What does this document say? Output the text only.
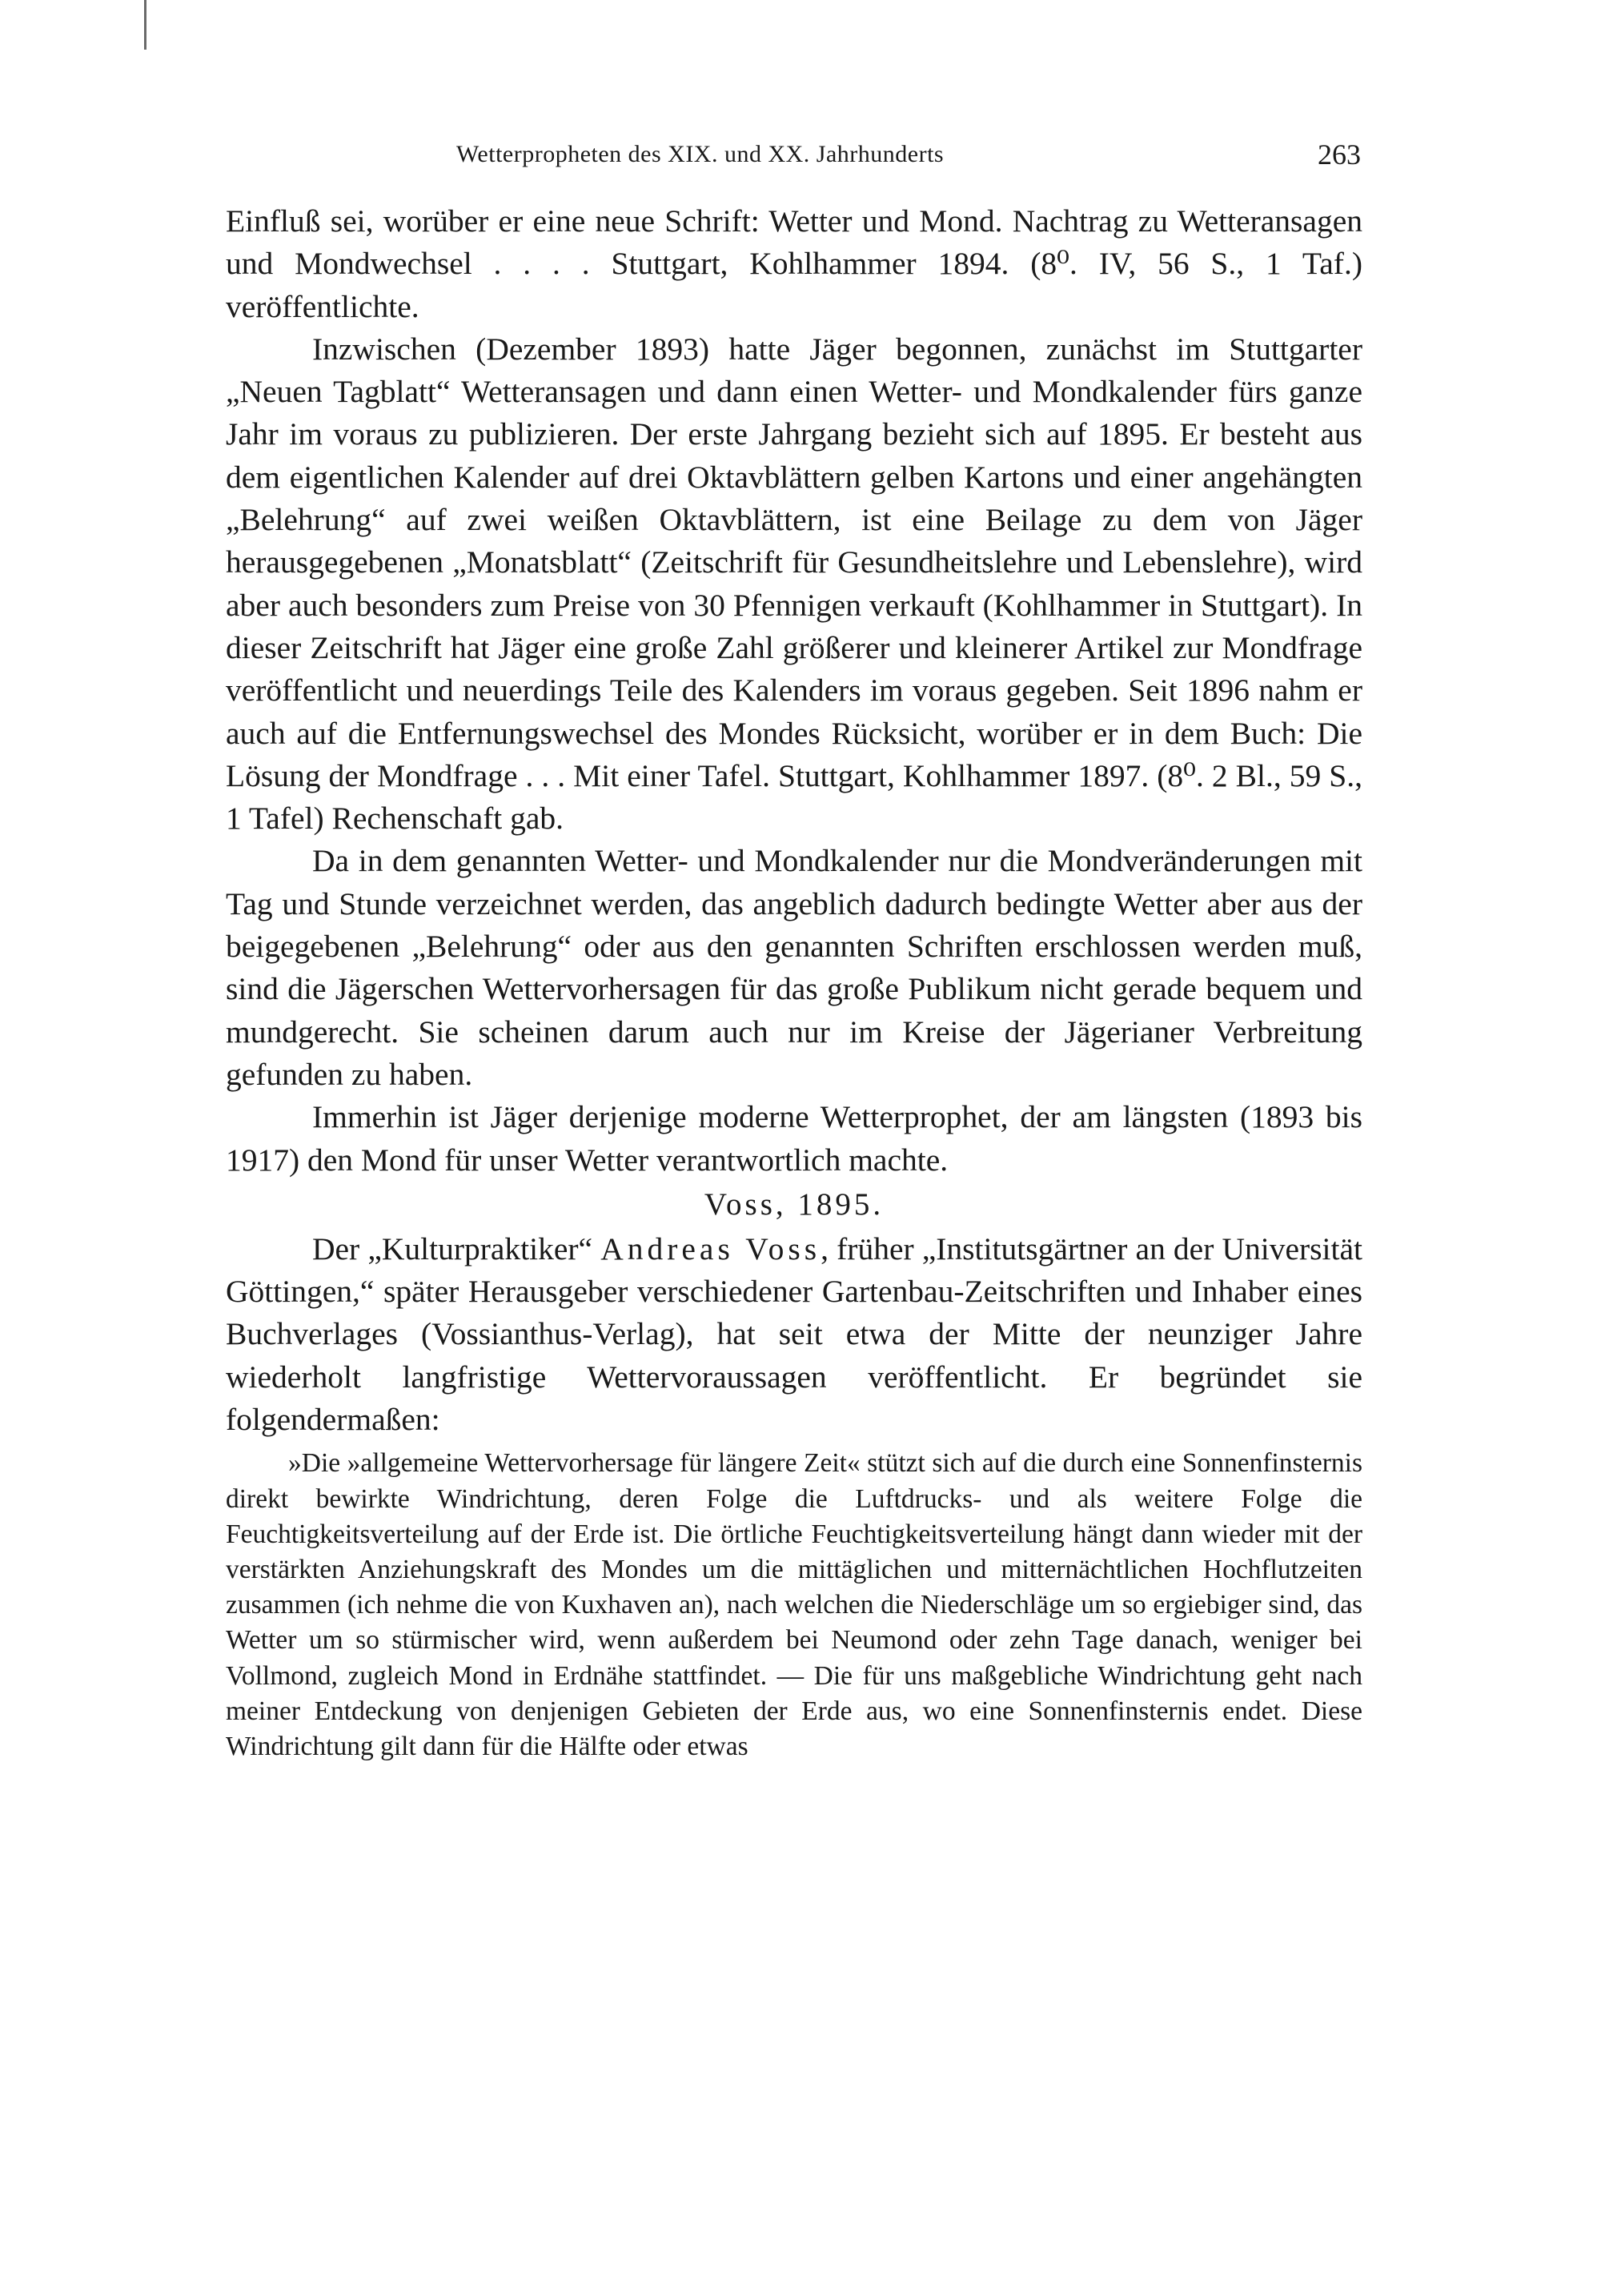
Wetterpropheten des XIX. und XX. Jahrhunderts	263

Einfluß sei, worüber er eine neue Schrift: Wetter und Mond. Nachtrag zu Wetteransagen und Mondwechsel . . . . Stuttgart, Kohlhammer 1894. (8⁰. IV, 56 S., 1 Taf.) veröffentlichte.

Inzwischen (Dezember 1893) hatte Jäger begonnen, zunächst im Stuttgarter „Neuen Tagblatt“ Wetteransagen und dann einen Wetter- und Mondkalender fürs ganze Jahr im voraus zu publizieren. Der erste Jahrgang bezieht sich auf 1895. Er besteht aus dem eigentlichen Kalender auf drei Oktavblättern gelben Kartons und einer angehängten „Belehrung“ auf zwei weißen Oktavblättern, ist eine Beilage zu dem von Jäger herausgegebenen „Monatsblatt“ (Zeitschrift für Gesundheitslehre und Lebenslehre), wird aber auch besonders zum Preise von 30 Pfennigen verkauft (Kohlhammer in Stuttgart). In dieser Zeitschrift hat Jäger eine große Zahl größerer und kleinerer Artikel zur Mondfrage veröffentlicht und neuerdings Teile des Kalenders im voraus gegeben. Seit 1896 nahm er auch auf die Entfernungswechsel des Mondes Rücksicht, worüber er in dem Buch: Die Lösung der Mondfrage . . . Mit einer Tafel. Stuttgart, Kohlhammer 1897. (8⁰. 2 Bl., 59 S., 1 Tafel) Rechenschaft gab.

Da in dem genannten Wetter- und Mondkalender nur die Mondveränderungen mit Tag und Stunde verzeichnet werden, das angeblich dadurch bedingte Wetter aber aus der beigegebenen „Belehrung“ oder aus den genannten Schriften erschlossen werden muß, sind die Jägerschen Wettervorhersagen für das große Publikum nicht gerade bequem und mundgerecht. Sie scheinen darum auch nur im Kreise der Jägerianer Verbreitung gefunden zu haben.

Immerhin ist Jäger derjenige moderne Wetterprophet, der am längsten (1893 bis 1917) den Mond für unser Wetter verantwortlich machte.

Voss, 1895.

Der „Kulturpraktiker“ Andreas Voss, früher „Institutsgärtner an der Universität Göttingen,“ später Herausgeber verschiedener Gartenbau-Zeitschriften und Inhaber eines Buchverlages (Vossianthus-Verlag), hat seit etwa der Mitte der neunziger Jahre wiederholt langfristige Wettervoraussagen veröffentlicht. Er begründet sie folgendermaßen:

»Die »allgemeine Wettervorhersage für längere Zeit« stützt sich auf die durch eine Sonnenfinsternis direkt bewirkte Windrichtung, deren Folge die Luftdrucks- und als weitere Folge die Feuchtigkeitsverteilung auf der Erde ist. Die örtliche Feuchtigkeitsverteilung hängt dann wieder mit der verstärkten Anziehungskraft des Mondes um die mittäglichen und mitternächtlichen Hochflutzeiten zusammen (ich nehme die von Kuxhaven an), nach welchen die Niederschläge um so ergiebiger sind, das Wetter um so stürmischer wird, wenn außerdem bei Neumond oder zehn Tage danach, weniger bei Vollmond, zugleich Mond in Erdnähe stattfindet. — Die für uns maßgebliche Windrichtung geht nach meiner Entdeckung von denjenigen Gebieten der Erde aus, wo eine Sonnenfinsternis endet. Diese Windrichtung gilt dann für die Hälfte oder etwas
